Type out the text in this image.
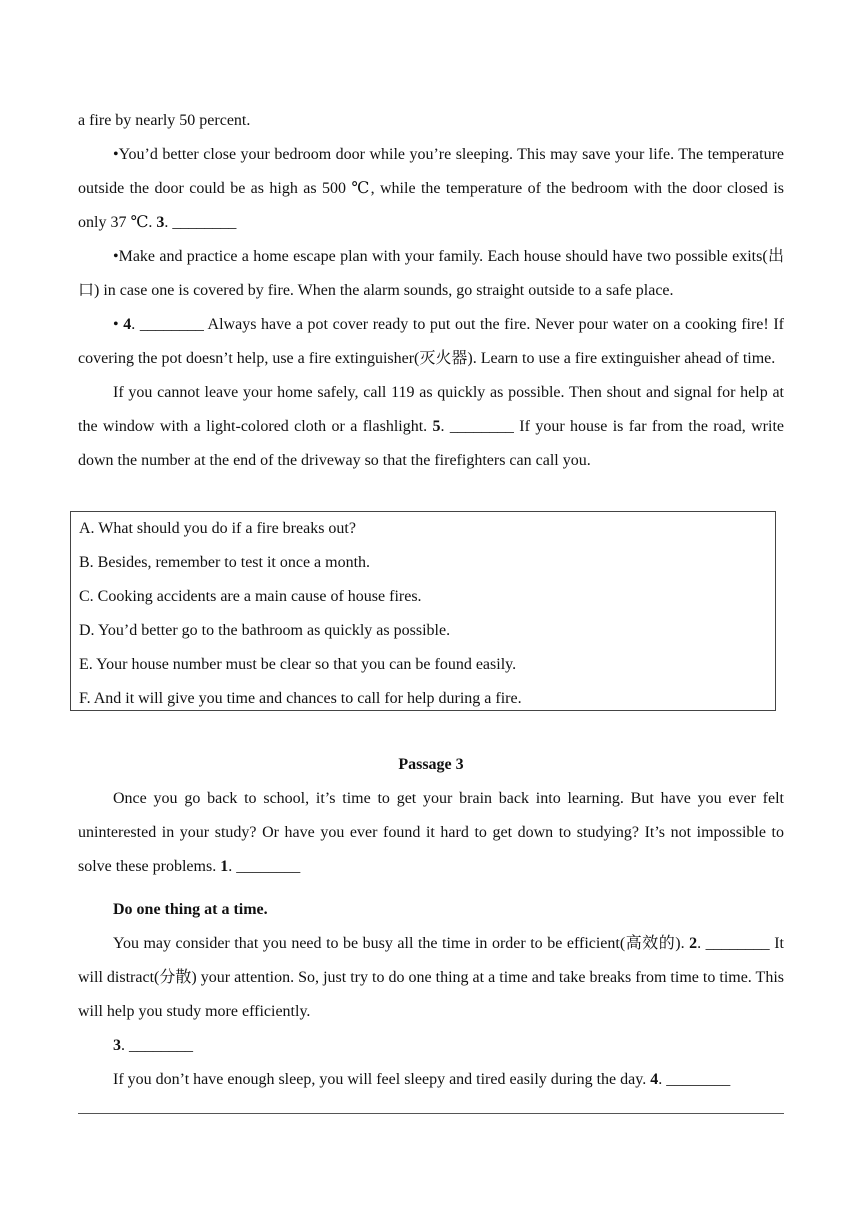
a fire by nearly 50 percent.

•You’d better close your bedroom door while you’re sleeping. This may save your life. The temperature outside the door could be as high as 500 ℃, while the temperature of the bedroom with the door closed is only 37 ℃. 3. ________

•Make and practice a home escape plan with your family. Each house should have two possible exits(出口) in case one is covered by fire. When the alarm sounds, go straight outside to a safe place.

• 4. ________ Always have a pot cover ready to put out the fire. Never pour water on a cooking fire! If covering the pot doesn’t help, use a fire extinguisher(灭火器). Learn to use a fire extinguisher ahead of time.

If you cannot leave your home safely, call 119 as quickly as possible. Then shout and signal for help at the window with a light-colored cloth or a flashlight. 5. ________ If your house is far from the road, write down the number at the end of the driveway so that the firefighters can call you.

A. What should you do if a fire breaks out?

B. Besides, remember to test it once a month.

C. Cooking accidents are a main cause of house fires.

D. You’d better go to the bathroom as quickly as possible.

E. Your house number must be clear so that you can be found easily.

F. And it will give you time and chances to call for help during a fire.

Passage 3

Once you go back to school, it’s time to get your brain back into learning. But have you ever felt uninterested in your study? Or have you ever found it hard to get down to studying? It’s not impossible to solve these problems. 1. ________

Do one thing at a time.

You may consider that you need to be busy all the time in order to be efficient(高效的). 2. ________ It will distract(分散) your attention. So, just try to do one thing at a time and take breaks from time to time. This will help you study more efficiently.

3. ________

If you don’t have enough sleep, you will feel sleepy and tired easily during the day. 4. ________
